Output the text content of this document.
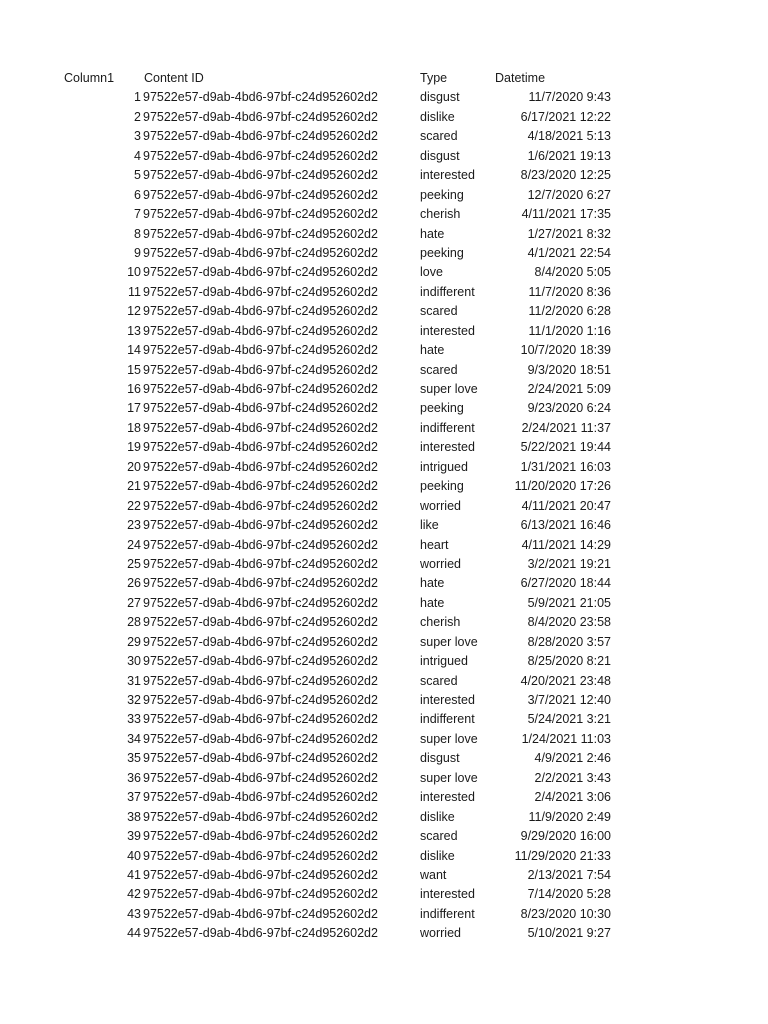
Column1 Content ID	Type	Datetime
1 97522e57-d9ab-4bd6-97bf-c24d952602d2	disgust	11/7/2020 9:43
2 97522e57-d9ab-4bd6-97bf-c24d952602d2	dislike	6/17/2021 12:22
3 97522e57-d9ab-4bd6-97bf-c24d952602d2	scared	4/18/2021 5:13
4 97522e57-d9ab-4bd6-97bf-c24d952602d2	disgust	1/6/2021 19:13
5 97522e57-d9ab-4bd6-97bf-c24d952602d2	interested	8/23/2020 12:25
6 97522e57-d9ab-4bd6-97bf-c24d952602d2	peeking	12/7/2020 6:27
7 97522e57-d9ab-4bd6-97bf-c24d952602d2	cherish	4/11/2021 17:35
8 97522e57-d9ab-4bd6-97bf-c24d952602d2	hate	1/27/2021 8:32
9 97522e57-d9ab-4bd6-97bf-c24d952602d2	peeking	4/1/2021 22:54
10 97522e57-d9ab-4bd6-97bf-c24d952602d2	love	8/4/2020 5:05
11 97522e57-d9ab-4bd6-97bf-c24d952602d2	indifferent	11/7/2020 8:36
12 97522e57-d9ab-4bd6-97bf-c24d952602d2	scared	11/2/2020 6:28
13 97522e57-d9ab-4bd6-97bf-c24d952602d2	interested	11/1/2020 1:16
14 97522e57-d9ab-4bd6-97bf-c24d952602d2	hate	10/7/2020 18:39
15 97522e57-d9ab-4bd6-97bf-c24d952602d2	scared	9/3/2020 18:51
16 97522e57-d9ab-4bd6-97bf-c24d952602d2	super love	2/24/2021 5:09
17 97522e57-d9ab-4bd6-97bf-c24d952602d2	peeking	9/23/2020 6:24
18 97522e57-d9ab-4bd6-97bf-c24d952602d2	indifferent	2/24/2021 11:37
19 97522e57-d9ab-4bd6-97bf-c24d952602d2	interested	5/22/2021 19:44
20 97522e57-d9ab-4bd6-97bf-c24d952602d2	intrigued	1/31/2021 16:03
21 97522e57-d9ab-4bd6-97bf-c24d952602d2	peeking	11/20/2020 17:26
22 97522e57-d9ab-4bd6-97bf-c24d952602d2	worried	4/11/2021 20:47
23 97522e57-d9ab-4bd6-97bf-c24d952602d2	like	6/13/2021 16:46
24 97522e57-d9ab-4bd6-97bf-c24d952602d2	heart	4/11/2021 14:29
25 97522e57-d9ab-4bd6-97bf-c24d952602d2	worried	3/2/2021 19:21
26 97522e57-d9ab-4bd6-97bf-c24d952602d2	hate	6/27/2020 18:44
27 97522e57-d9ab-4bd6-97bf-c24d952602d2	hate	5/9/2021 21:05
28 97522e57-d9ab-4bd6-97bf-c24d952602d2	cherish	8/4/2020 23:58
29 97522e57-d9ab-4bd6-97bf-c24d952602d2	super love	8/28/2020 3:57
30 97522e57-d9ab-4bd6-97bf-c24d952602d2	intrigued	8/25/2020 8:21
31 97522e57-d9ab-4bd6-97bf-c24d952602d2	scared	4/20/2021 23:48
32 97522e57-d9ab-4bd6-97bf-c24d952602d2	interested	3/7/2021 12:40
33 97522e57-d9ab-4bd6-97bf-c24d952602d2	indifferent	5/24/2021 3:21
34 97522e57-d9ab-4bd6-97bf-c24d952602d2	super love	1/24/2021 11:03
35 97522e57-d9ab-4bd6-97bf-c24d952602d2	disgust	4/9/2021 2:46
36 97522e57-d9ab-4bd6-97bf-c24d952602d2	super love	2/2/2021 3:43
37 97522e57-d9ab-4bd6-97bf-c24d952602d2	interested	2/4/2021 3:06
38 97522e57-d9ab-4bd6-97bf-c24d952602d2	dislike	11/9/2020 2:49
39 97522e57-d9ab-4bd6-97bf-c24d952602d2	scared	9/29/2020 16:00
40 97522e57-d9ab-4bd6-97bf-c24d952602d2	dislike	11/29/2020 21:33
41 97522e57-d9ab-4bd6-97bf-c24d952602d2	want	2/13/2021 7:54
42 97522e57-d9ab-4bd6-97bf-c24d952602d2	interested	7/14/2020 5:28
43 97522e57-d9ab-4bd6-97bf-c24d952602d2	indifferent	8/23/2020 10:30
44 97522e57-d9ab-4bd6-97bf-c24d952602d2	worried	5/10/2021 9:27
